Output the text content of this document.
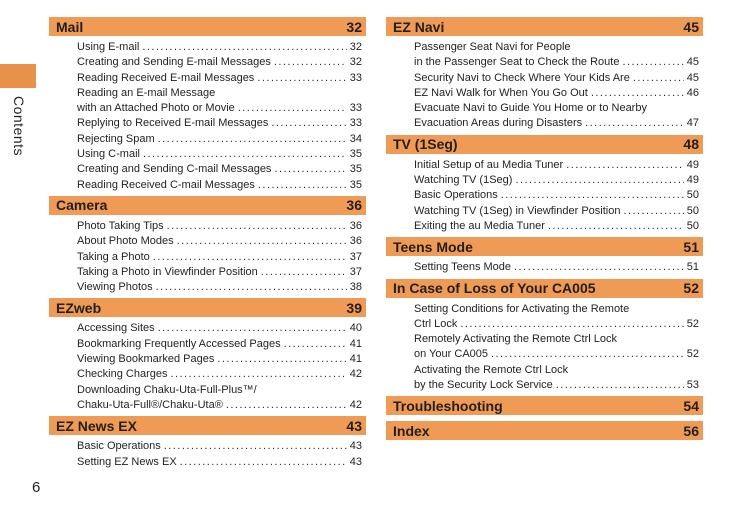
Contents
6
Mail	32
Using E-mail . . .	32
Creating and Sending E-mail Messages . . .	32
Reading Received E-mail Messages . . .	33
Reading an E-mail Message
with an Attached Photo or Movie . . .	33
Replying to Received E-mail Messages . . .	33
Rejecting Spam . . .	34
Using C-mail . . .	35
Creating and Sending C-mail Messages . . .	35
Reading Received C-mail Messages . . .	35
Camera	36
Photo Taking Tips . . .	36
About Photo Modes . . .	36
Taking a Photo . . .	37
Taking a Photo in Viewfinder Position . . .	37
Viewing Photos . . .	38
EZweb	39
Accessing Sites . . .	40
Bookmarking Frequently Accessed Pages . . .	41
Viewing Bookmarked Pages . . .	41
Checking Charges . . .	42
Downloading Chaku-Uta-Full-Plus™/
Chaku-Uta-Full®/Chaku-Uta® . . .	42
EZ News EX	43
Basic Operations . . .	43
Setting EZ News EX . . .	43
EZ Navi	45
Passenger Seat Navi for People
in the Passenger Seat to Check the Route . . .	45
Security Navi to Check Where Your Kids Are . . .	45
EZ Navi Walk for When You Go Out . . .	46
Evacuate Navi to Guide You Home or to Nearby
Evacuation Areas during Disasters . . .	47
TV (1Seg)	48
Initial Setup of au Media Tuner . . .	49
Watching TV (1Seg) . . .	49
Basic Operations . . .	50
Watching TV (1Seg) in Viewfinder Position . . .	50
Exiting the au Media Tuner . . .	50
Teens Mode	51
Setting Teens Mode . . .	51
In Case of Loss of Your CA005	52
Setting Conditions for Activating the Remote
Ctrl Lock . . .	52
Remotely Activating the Remote Ctrl Lock
on Your CA005 . . .	52
Activating the Remote Ctrl Lock
by the Security Lock Service . . .	53
Troubleshooting	54
Index	56
